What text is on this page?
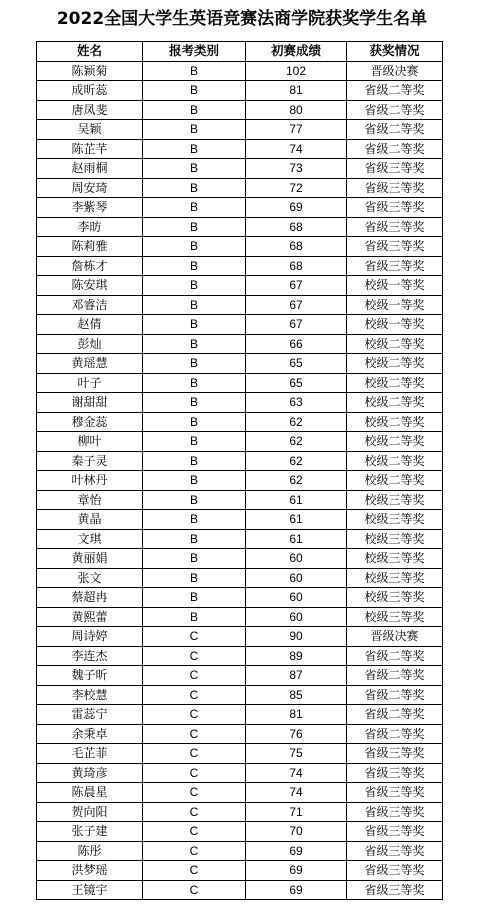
2022全国大学生英语竞赛法商学院获奖学生名单
姓名	报考类别	初赛成绩	获奖情况
陈颖菊	B	102	晋级决赛
成昕蕊	B	81	省级二等奖
唐凤斐	B	80	省级二等奖
吴颖	B	77	省级二等奖
陈芷芊	B	74	省级二等奖
赵雨桐	B	73	省级三等奖
周安琦	B	72	省级三等奖
李紫琴	B	69	省级三等奖
李昉	B	68	省级三等奖
陈莉雅	B	68	省级三等奖
詹栋才	B	68	省级三等奖
陈安琪	B	67	校级一等奖
邓睿洁	B	67	校级一等奖
赵倩	B	67	校级一等奖
彭灿	B	66	校级二等奖
黄瑶慧	B	65	校级二等奖
叶子	B	65	校级二等奖
谢甜甜	B	63	校级二等奖
穆金蕊	B	62	校级二等奖
柳叶	B	62	校级二等奖
秦子灵	B	62	校级二等奖
叶林丹	B	62	校级二等奖
章怡	B	61	校级三等奖
黄晶	B	61	校级三等奖
文琪	B	61	校级三等奖
黄丽娟	B	60	校级三等奖
张文	B	60	校级三等奖
蔡超冉	B	60	校级三等奖
黄熙蕾	B	60	校级三等奖
周诗婷	C	90	晋级决赛
李连杰	C	89	省级二等奖
魏子昕	C	87	省级二等奖
李校慧	C	85	省级二等奖
雷蕊宁	C	81	省级二等奖
余秉卓	C	76	省级二等奖
毛芷菲	C	75	省级三等奖
黄琦彦	C	74	省级三等奖
陈晨星	C	74	省级三等奖
贺向阳	C	71	省级三等奖
张子建	C	70	省级三等奖
陈彤	C	69	省级三等奖
洪梦瑶	C	69	省级三等奖
王镜宇	C	69	省级三等奖
